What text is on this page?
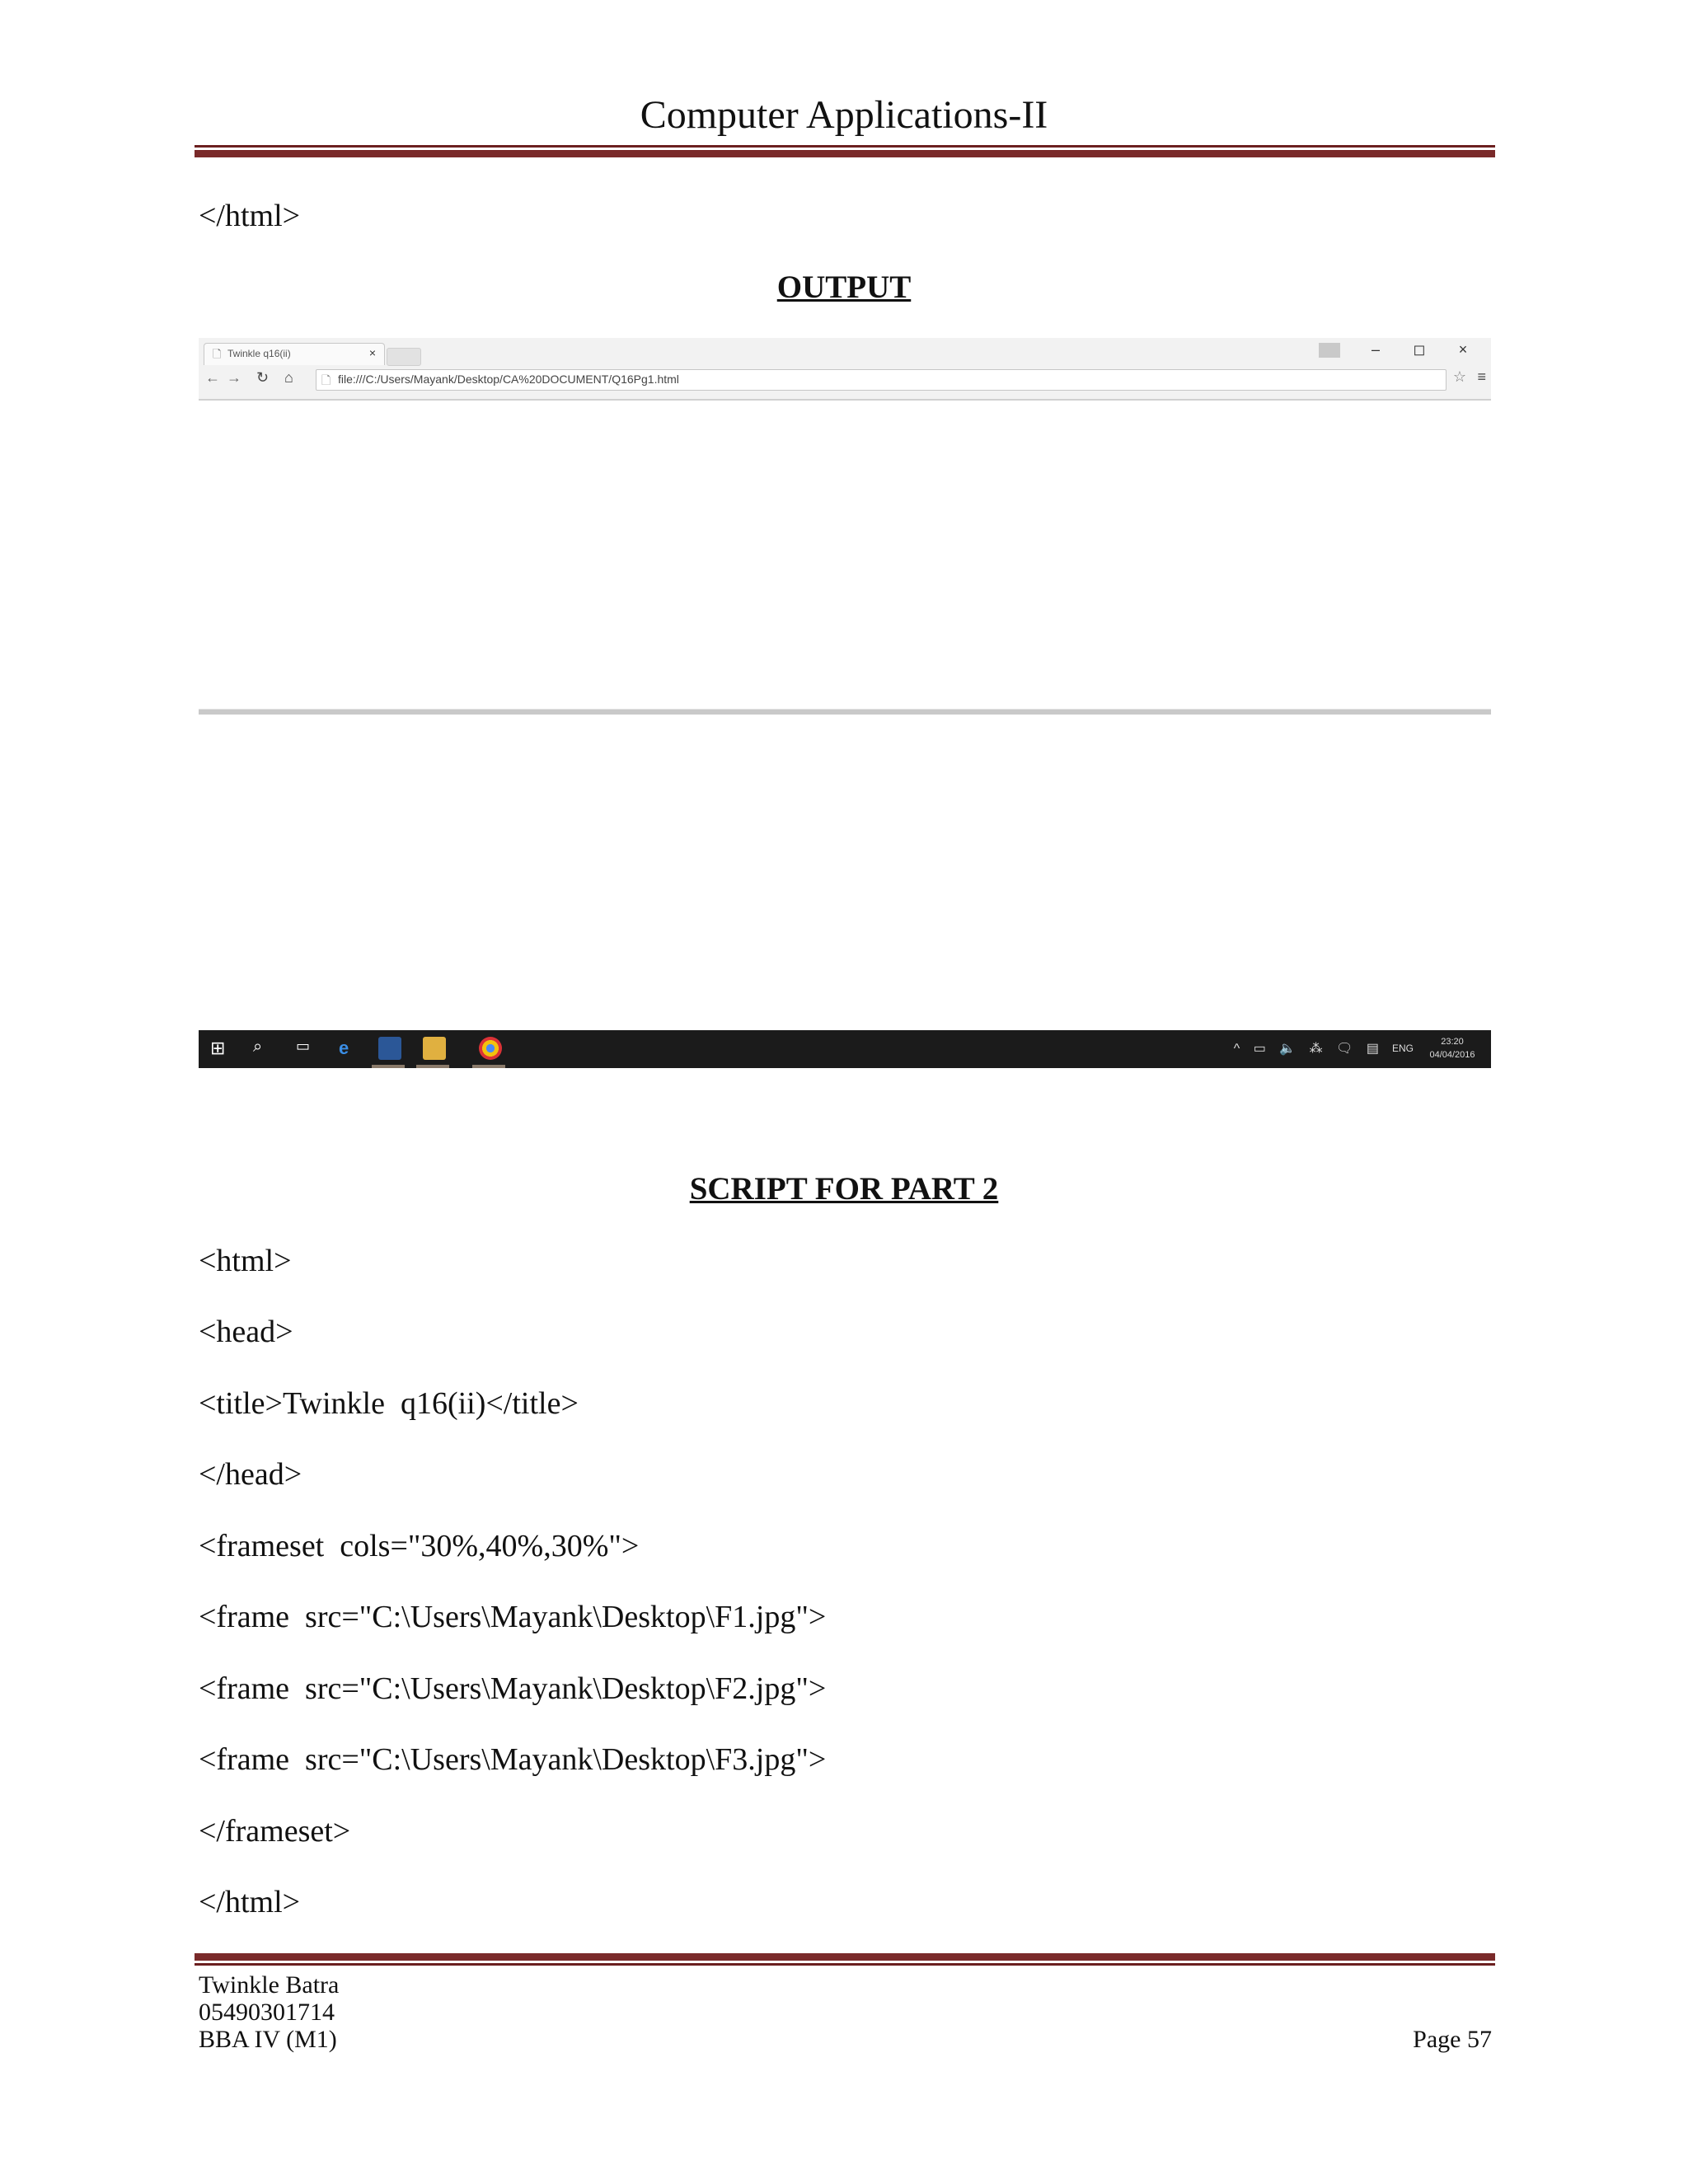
Computer Applications-II
</html>
OUTPUT
🗋 Twinkle q16(ii)	×	– ◻ ×
← → ↻ ⌂ 🗋 file:///C:/Users/Mayank/Desktop/CA%20DOCUMENT/Q16Pg1.html	☆ ≡
⊞ ⌕ ▭ e	^ ▭ 🔈 ⁂ 🗨 ▤ ENG
23:20
04/04/2016
SCRIPT FOR PART 2
<html>
<head>
<title>Twinkle  q16(ii)</title>
</head>
<frameset  cols="30%,40%,30%">
<frame  src="C:\Users\Mayank\Desktop\F1.jpg">
<frame  src="C:\Users\Mayank\Desktop\F2.jpg">
<frame  src="C:\Users\Mayank\Desktop\F3.jpg">
</frameset>
</html>
Twinkle Batra
05490301714
BBA IV (M1)	Page 57
